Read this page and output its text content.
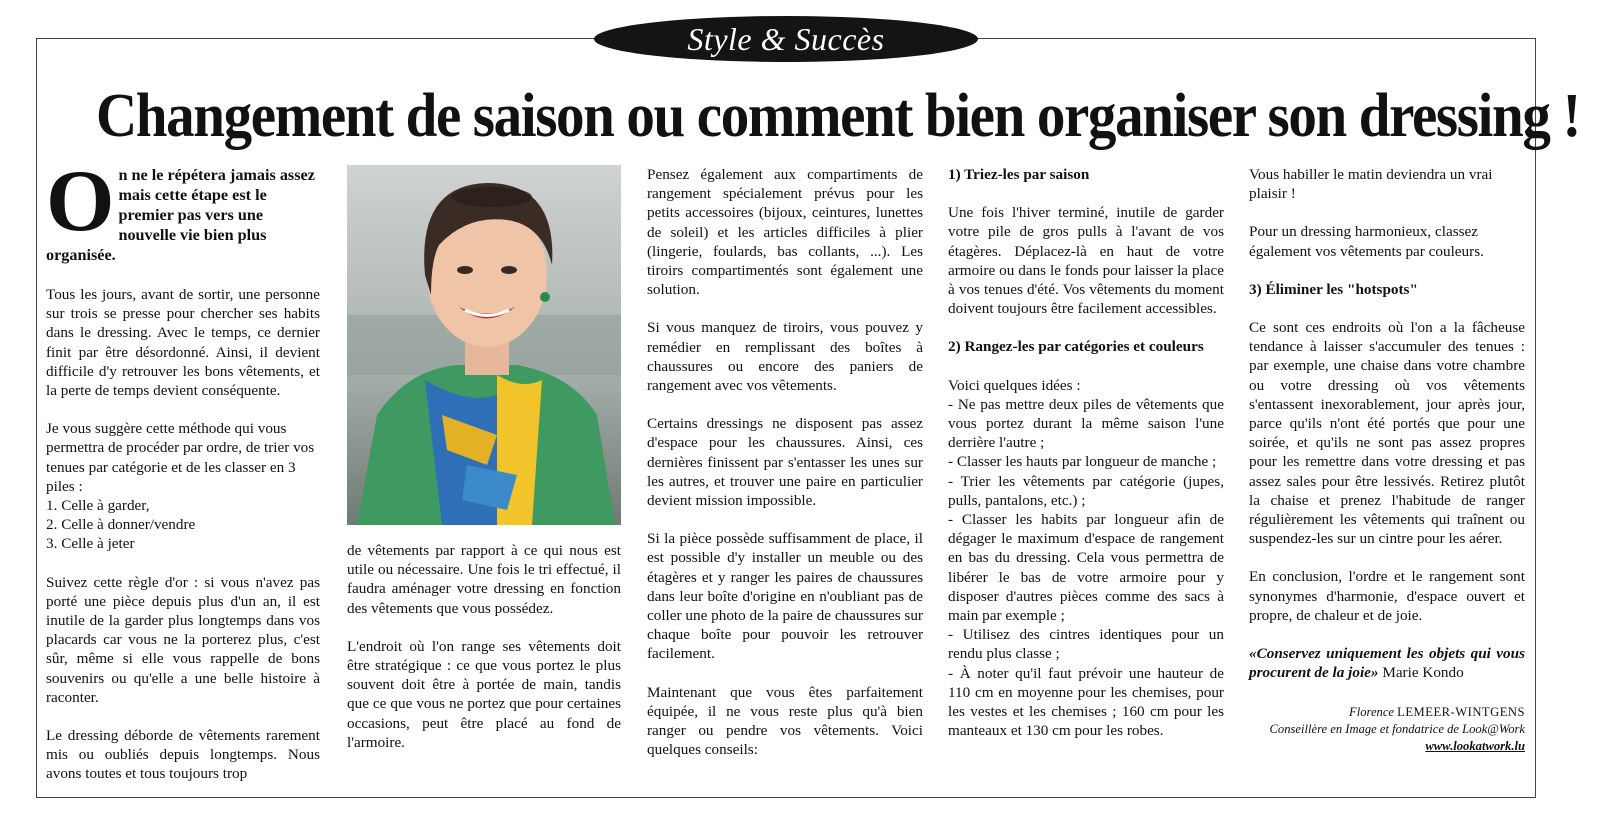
Style & Succès
Changement de saison ou comment bien organiser son dressing !

On ne le répétera jamais assez mais cette étape est le premier pas vers une nouvelle vie bien plus organisée.

Tous les jours, avant de sortir, une personne sur trois se presse pour chercher ses habits dans le dressing. Avec le temps, ce dernier finit par être désordonné. Ainsi, il devient difficile d'y retrouver les bons vêtements, et la perte de temps devient conséquente.

Je vous suggère cette méthode qui vous permettra de procéder par ordre, de trier vos tenues par catégorie et de les classer en 3 piles :

1. Celle à garder,
2. Celle à donner/vendre
3. Celle à jeter

Suivez cette règle d'or : si vous n'avez pas porté une pièce depuis plus d'un an, il est inutile de la garder plus longtemps dans vos placards car vous ne la porterez plus, c'est sûr, même si elle vous rappelle de bons souvenirs ou qu'elle a une belle histoire à raconter.

Le dressing déborde de vêtements rarement mis ou oubliés depuis longtemps. Nous avons toutes et tous toujours trop

de vêtements par rapport à ce qui nous est utile ou nécessaire. Une fois le tri effectué, il faudra aménager votre dressing en fonction des vêtements que vous possédez.

L'endroit où l'on range ses vêtements doit être stratégique : ce que vous portez le plus souvent doit être à portée de main, tandis que ce que vous ne portez que pour certaines occasions, peut être placé au fond de l'armoire.

Pensez également aux compartiments de rangement spécialement prévus pour les petits accessoires (bijoux, ceintures, lunettes de soleil) et les articles difficiles à plier (lingerie, foulards, bas collants, ...). Les tiroirs compartimentés sont également une solution.

Si vous manquez de tiroirs, vous pouvez y remédier en remplissant des boîtes à chaussures ou encore des paniers de rangement avec vos vêtements.

Certains dressings ne disposent pas assez d'espace pour les chaussures. Ainsi, ces dernières finissent par s'entasser les unes sur les autres, et trouver une paire en particulier devient mission impossible.

Si la pièce possède suffisamment de place, il est possible d'y installer un meuble ou des étagères et y ranger les paires de chaussures dans leur boîte d'origine en n'oubliant pas de coller une photo de la paire de chaussures sur chaque boîte pour pouvoir les retrouver facilement.

Maintenant que vous êtes parfaitement équipée, il ne vous reste plus qu'à bien ranger ou pendre vos vêtements. Voici quelques conseils:

1) Triez-les par saison

Une fois l'hiver terminé, inutile de garder votre pile de gros pulls à l'avant de vos étagères. Déplacez-là en haut de votre armoire ou dans le fonds pour laisser la place à vos tenues d'été. Vos vêtements du moment doivent toujours être facilement accessibles.

2) Rangez-les par catégories et couleurs
Voici quelques idées :
- Ne pas mettre deux piles de vêtements que vous portez durant la même saison l'une derrière l'autre ;
- Classer les hauts par longueur de manche ;
- Trier les vêtements par catégorie (jupes, pulls, pantalons, etc.) ;
- Classer les habits par longueur afin de dégager le maximum d'espace de rangement en bas du dressing. Cela vous permettra de libérer le bas de votre armoire pour y disposer d'autres pièces comme des sacs à main par exemple ;
- Utilisez des cintres identiques pour un rendu plus classe ;
- À noter qu'il faut prévoir une hauteur de 110 cm en moyenne pour les chemises, pour les vestes et les chemises ; 160 cm pour les manteaux et 130 cm pour les robes.

Vous habiller le matin deviendra un vrai plaisir !

Pour un dressing harmonieux, classez également vos vêtements par couleurs.

3) Éliminer les "hotspots"

Ce sont ces endroits où l'on a la fâcheuse tendance à laisser s'accumuler des tenues : par exemple, une chaise dans votre chambre ou votre dressing où vos vêtements s'entassent inexorablement, jour après jour, parce qu'ils n'ont été portés que pour une soirée, et qu'ils ne sont pas assez propres pour les remettre dans votre dressing et pas assez sales pour être lessivés. Retirez plutôt la chaise et prenez l'habitude de ranger régulièrement les vêtements qui traînent ou suspendez-les sur un cintre pour les aérer.

En conclusion, l'ordre et le rangement sont synonymes d'harmonie, d'espace ouvert et propre, de chaleur et de joie.

«Conservez uniquement les objets qui vous procurent de la joie» Marie Kondo

Florence LEMEER-WINTGENS
Conseillère en Image et fondatrice de Look@Work
www.lookatwork.lu
